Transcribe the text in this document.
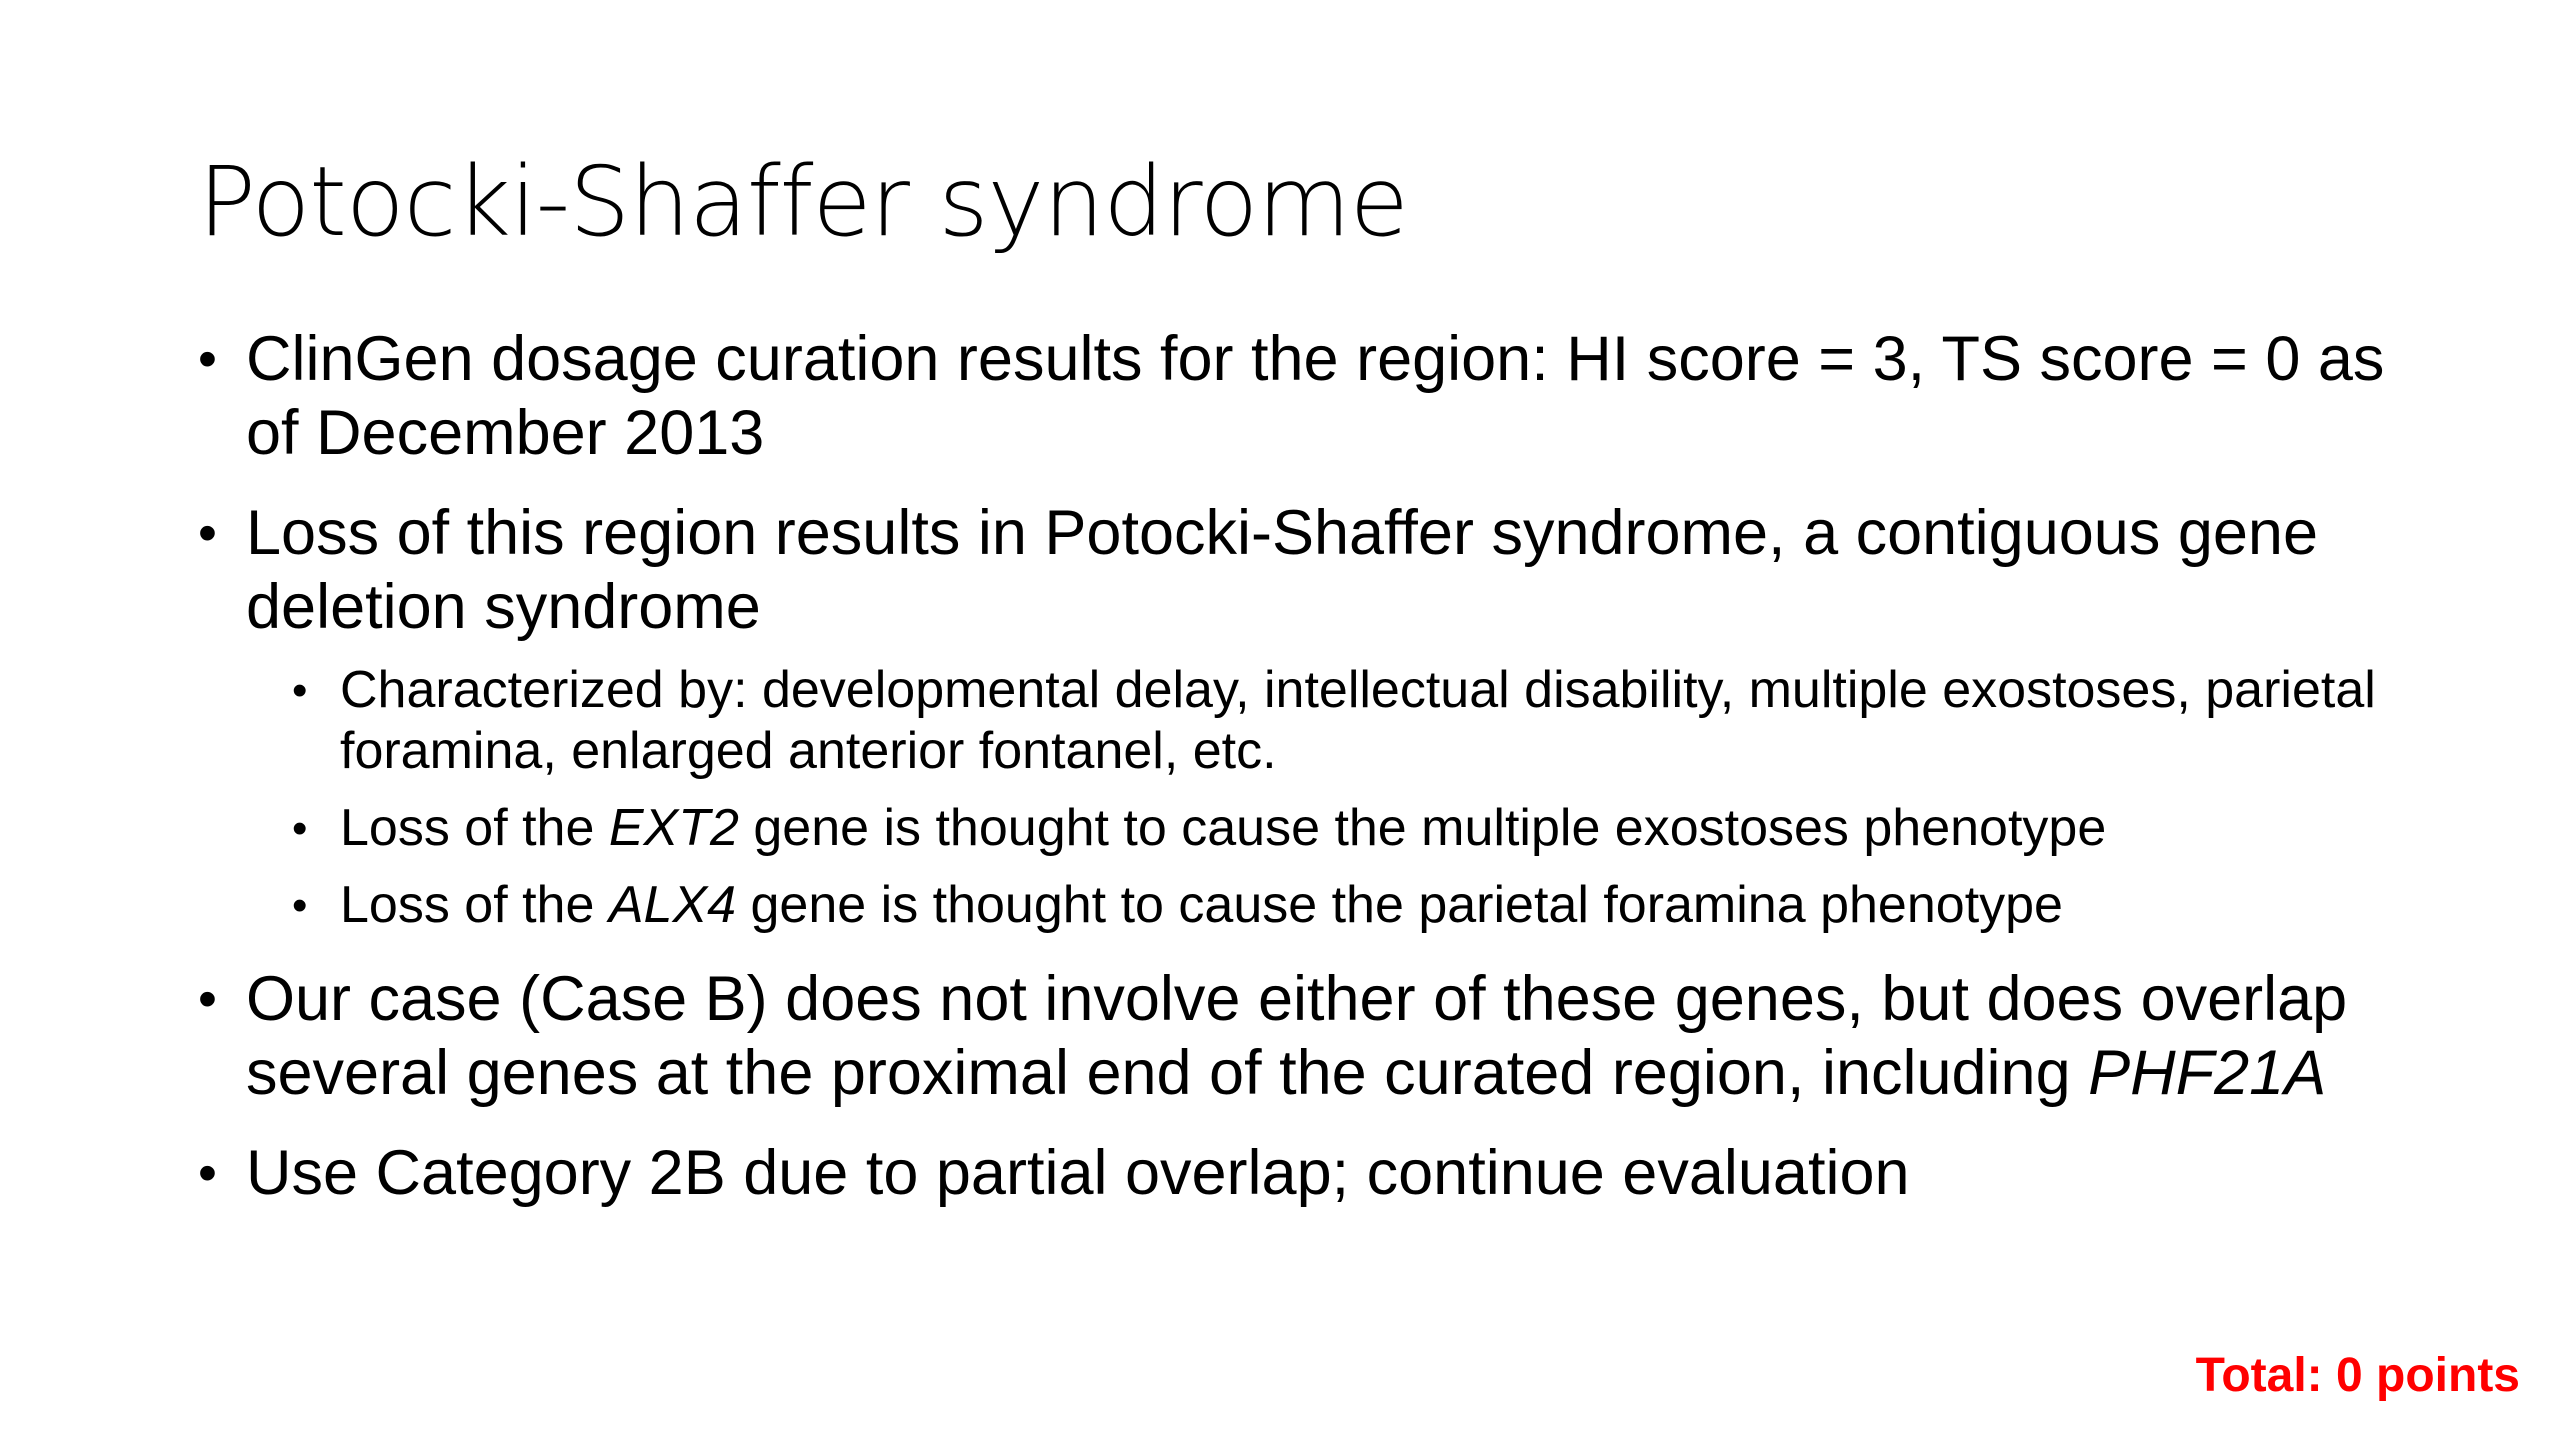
Potocki-Shaffer syndrome
• ClinGen dosage curation results for the region: HI score = 3, TS score = 0 as of December 2013
• Loss of this region results in Potocki-Shaffer syndrome, a contiguous gene deletion syndrome
• Characterized by: developmental delay, intellectual disability, multiple exostoses, parietal foramina, enlarged anterior fontanel, etc.
• Loss of the EXT2 gene is thought to cause the multiple exostoses phenotype
• Loss of the ALX4 gene is thought to cause the parietal foramina phenotype
• Our case (Case B) does not involve either of these genes, but does overlap several genes at the proximal end of the curated region, including PHF21A
• Use Category 2B due to partial overlap; continue evaluation
Total: 0 points
